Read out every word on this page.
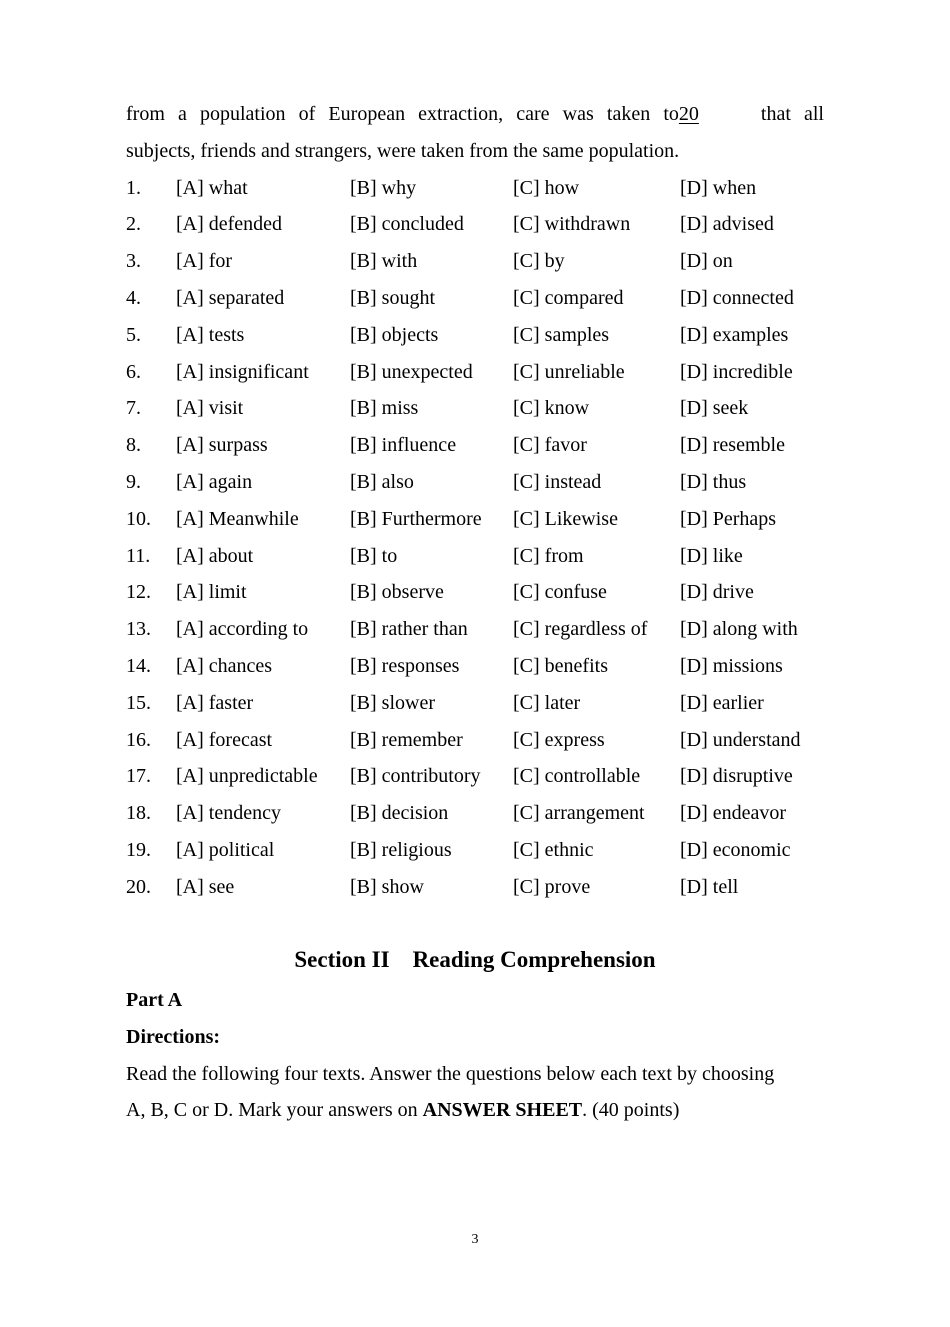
from a population of European extraction, care was taken to20	that all

subjects, friends and strangers, were taken from the same population.

1. [A] what	[B] why	[C] how	[D] when
2. [A] defended	[B] concluded [C] withdrawn [D] advised
3. [A] for	[B] with	[C] by	[D] on
4. [A] separated	[B] sought	[C] compared	[D] connected
5. [A] tests	[B] objects	[C] samples	[D] examples
6. [A] insignificant [B] unexpected [C] unreliable	[D] incredible
7. [A] visit	[B] miss	[C] know	[D] seek
8. [A] surpass	[B] influence	[C] favor	[D] resemble
9. [A] again	[B] also	[C] instead	[D] thus
10. [A] Meanwhile	[B] Furthermore [C] Likewise	[D] Perhaps
11. [A] about	[B] to	[C] from	[D] like
12. [A] limit	[B] observe	[C] confuse	[D] drive
13. [A] according to [B] rather than [C] regardless of [D] along with
14. [A] chances	[B] responses	[C] benefits	[D] missions
15. [A] faster	[B] slower	[C] later	[D] earlier
16. [A] forecast	[B] remember	[C] express	[D] understand
17. [A] unpredictable [B] contributory [C] controllable [D] disruptive
18. [A] tendency	[B] decision	[C] arrangement [D] endeavor
19. [A] political	[B] religious	[C] ethnic	[D] economic
20. [A] see	[B] show	[C] prove	[D] tell
Section II    Reading Comprehension

Part A

Directions:

Read the following four texts. Answer the questions below each text by choosing

A, B, C or D. Mark your answers on ANSWER SHEET. (40 points)

3
